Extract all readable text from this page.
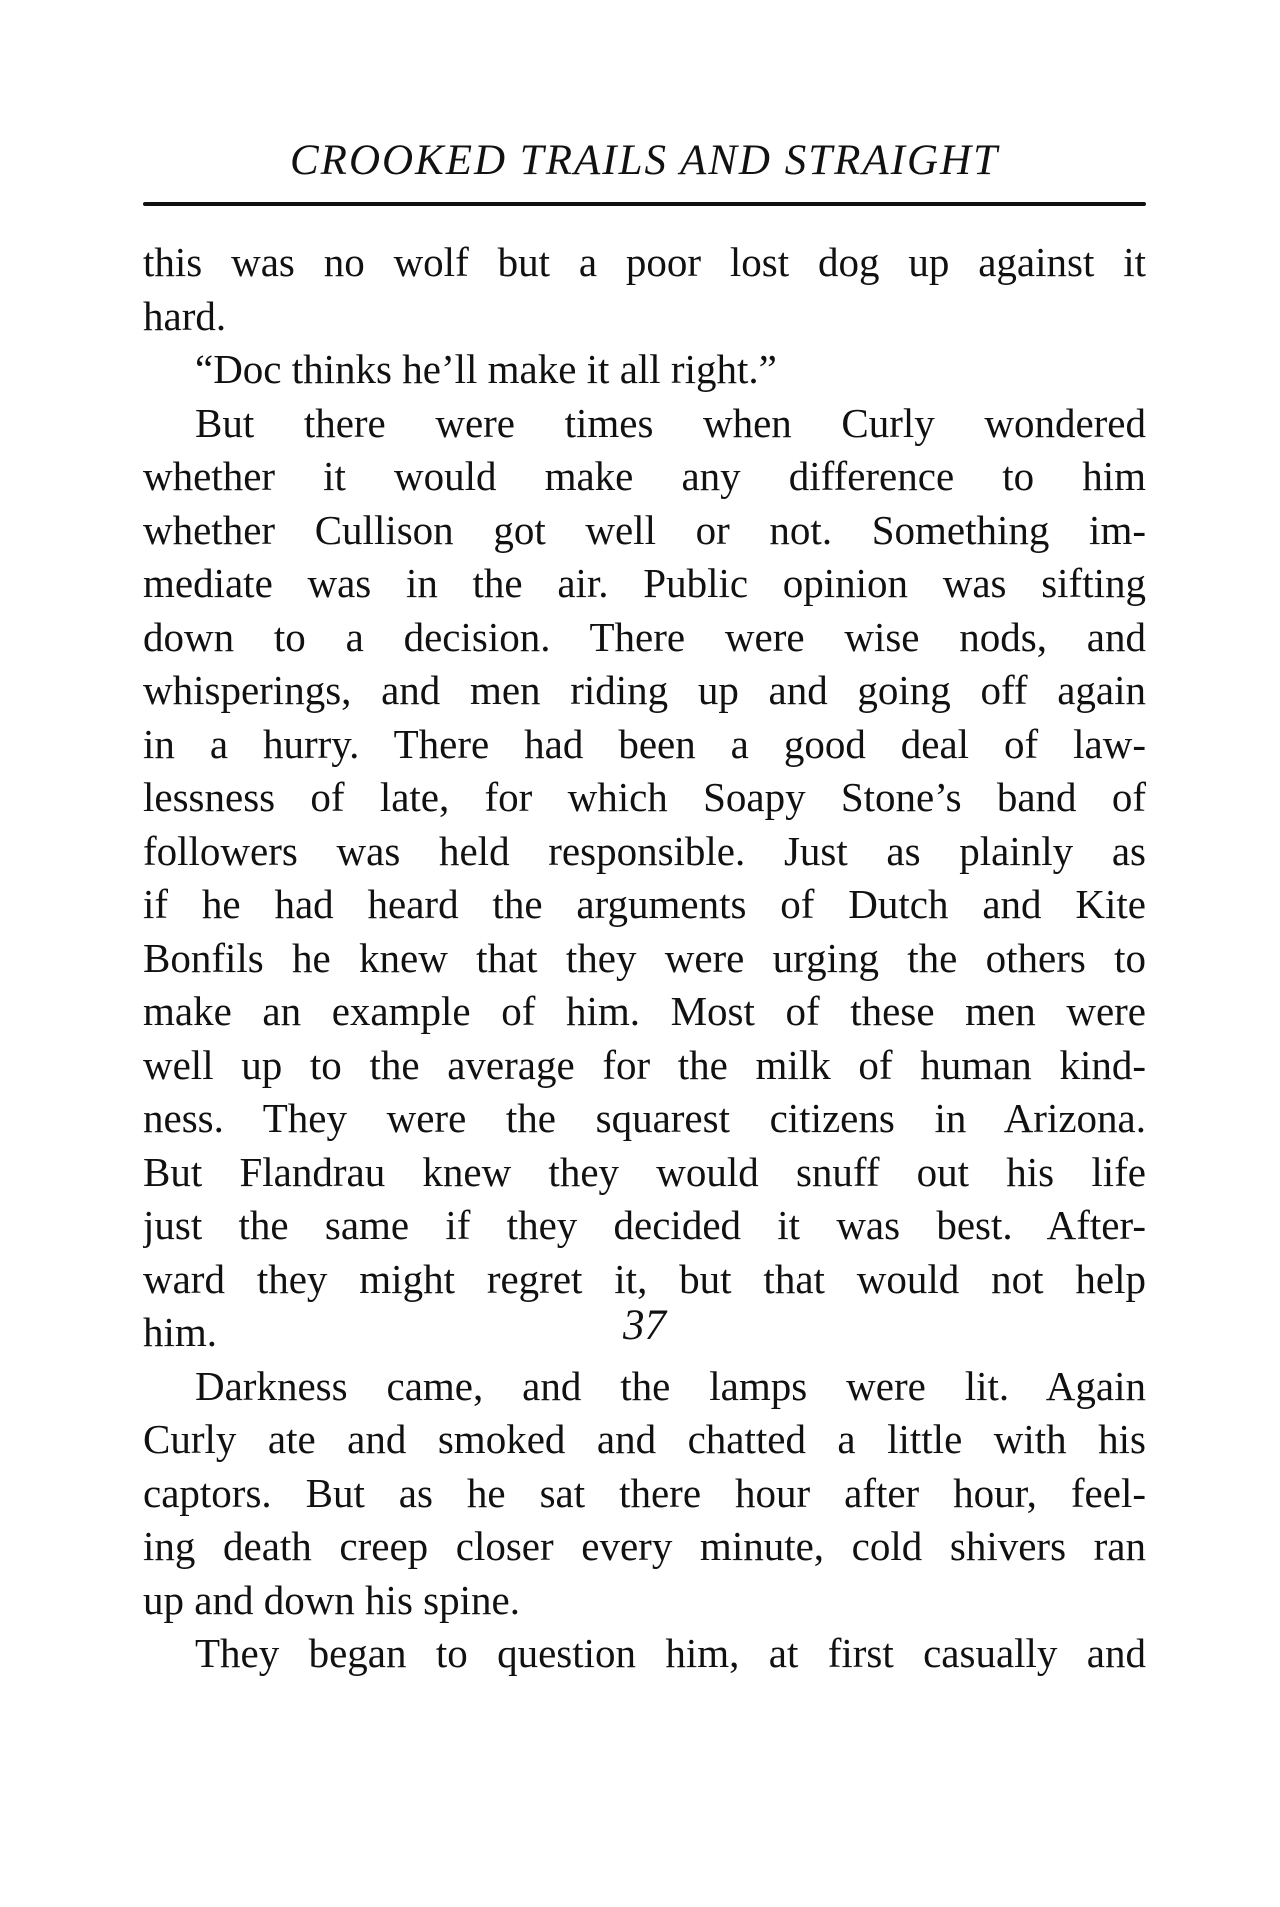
CROOKED TRAILS AND STRAIGHT
this was no wolf but a poor lost dog up against it
hard.
“Doc thinks he’ll make it all right.”
But there were times when Curly wondered
whether it would make any difference to him
whether Cullison got well or not. Something im-
mediate was in the air. Public opinion was sifting
down to a decision. There were wise nods, and
whisperings, and men riding up and going off again
in a hurry. There had been a good deal of law-
lessness of late, for which Soapy Stone’s band of
followers was held responsible. Just as plainly as
if he had heard the arguments of Dutch and Kite
Bonfils he knew that they were urging the others to
make an example of him. Most of these men were
well up to the average for the milk of human kind-
ness. They were the squarest citizens in Arizona.
But Flandrau knew they would snuff out his life
just the same if they decided it was best. After-
ward they might regret it, but that would not help
him.
Darkness came, and the lamps were lit. Again
Curly ate and smoked and chatted a little with his
captors. But as he sat there hour after hour, feel-
ing death creep closer every minute, cold shivers ran
up and down his spine.
They began to question him, at first casually and
37
